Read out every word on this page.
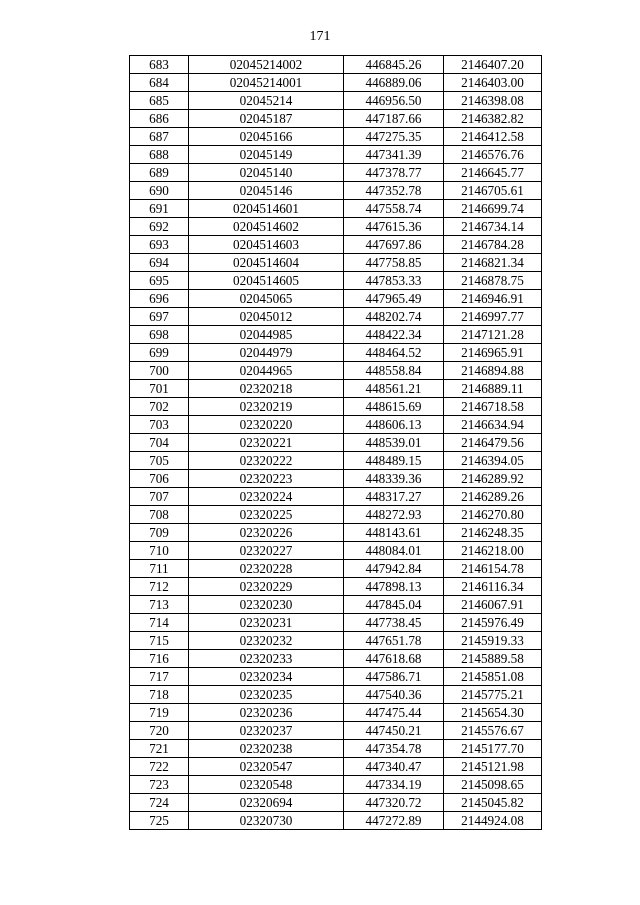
171
683	02045214002	446845.26	2146407.20
684	02045214001	446889.06	2146403.00
685	02045214	446956.50	2146398.08
686	02045187	447187.66	2146382.82
687	02045166	447275.35	2146412.58
688	02045149	447341.39	2146576.76
689	02045140	447378.77	2146645.77
690	02045146	447352.78	2146705.61
691	0204514601	447558.74	2146699.74
692	0204514602	447615.36	2146734.14
693	0204514603	447697.86	2146784.28
694	0204514604	447758.85	2146821.34
695	0204514605	447853.33	2146878.75
696	02045065	447965.49	2146946.91
697	02045012	448202.74	2146997.77
698	02044985	448422.34	2147121.28
699	02044979	448464.52	2146965.91
700	02044965	448558.84	2146894.88
701	02320218	448561.21	2146889.11
702	02320219	448615.69	2146718.58
703	02320220	448606.13	2146634.94
704	02320221	448539.01	2146479.56
705	02320222	448489.15	2146394.05
706	02320223	448339.36	2146289.92
707	02320224	448317.27	2146289.26
708	02320225	448272.93	2146270.80
709	02320226	448143.61	2146248.35
710	02320227	448084.01	2146218.00
711	02320228	447942.84	2146154.78
712	02320229	447898.13	2146116.34
713	02320230	447845.04	2146067.91
714	02320231	447738.45	2145976.49
715	02320232	447651.78	2145919.33
716	02320233	447618.68	2145889.58
717	02320234	447586.71	2145851.08
718	02320235	447540.36	2145775.21
719	02320236	447475.44	2145654.30
720	02320237	447450.21	2145576.67
721	02320238	447354.78	2145177.70
722	02320547	447340.47	2145121.98
723	02320548	447334.19	2145098.65
724	02320694	447320.72	2145045.82
725	02320730	447272.89	2144924.08
